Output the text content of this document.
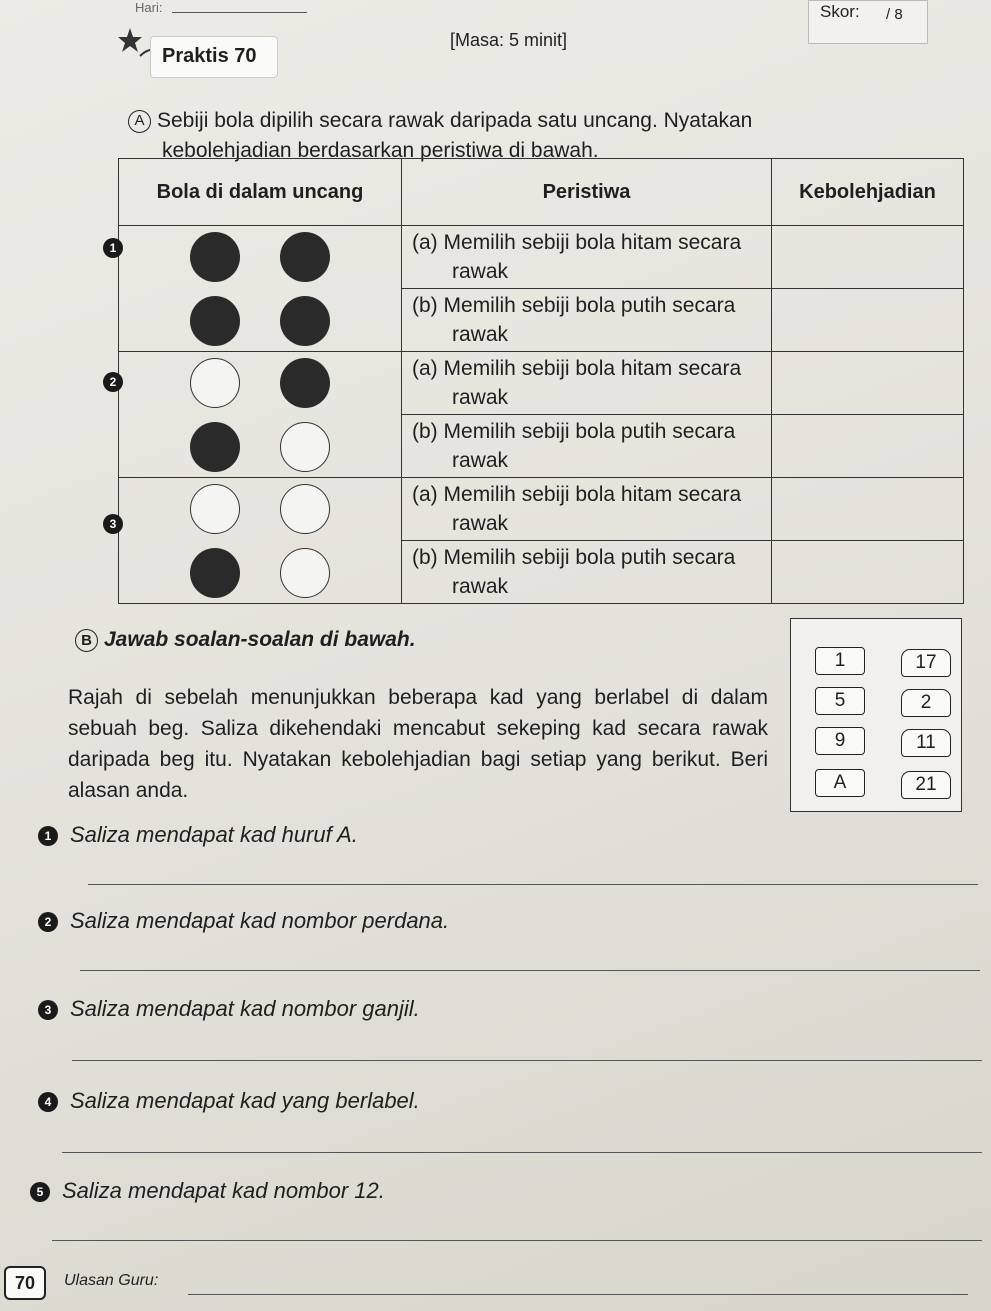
Hari:	Skor: / 8
Praktis 70
[Masa: 5 minit]
A Sebiji bola dipilih secara rawak daripada satu uncang. Nyatakan
kebolehjadian berdasarkan peristiwa di bawah.
Bola di dalam uncang	Peristiwa	Kebolehjadian

1	(a) Memilih sebiji bola hitam secara rawak	

	(b) Memilih sebiji bola putih secara rawak	

2	(a) Memilih sebiji bola hitam secara rawak	

	(b) Memilih sebiji bola putih secara rawak	

3	(a) Memilih sebiji bola hitam secara rawak	

	(b) Memilih sebiji bola putih secara rawak	

B Jawab soalan-soalan di bawah.
Rajah di sebelah menunjukkan beberapa kad yang berlabel di dalam sebuah beg. Saliza dikehendaki mencabut sekeping kad secara rawak daripada beg itu. Nyatakan kebolehjadian bagi setiap yang berikut. Beri alasan anda.
1	17
5	2
9	11
A	21
1 Saliza mendapat kad huruf A.
2 Saliza mendapat kad nombor perdana.
3 Saliza mendapat kad nombor ganjil.
4 Saliza mendapat kad yang berlabel.
5 Saliza mendapat kad nombor 12.
70	Ulasan Guru:
